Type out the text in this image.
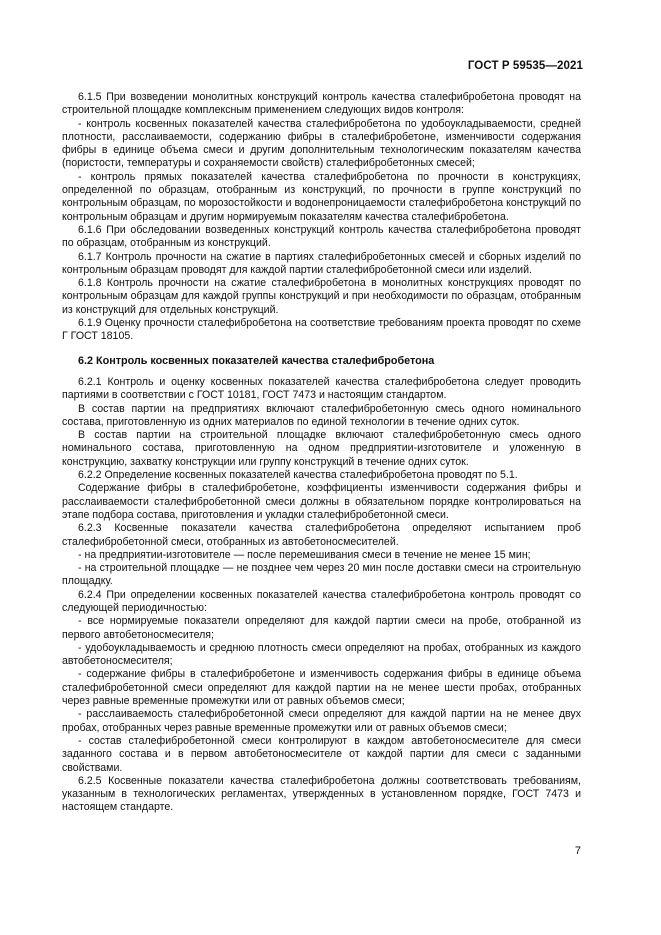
ГОСТ Р 59535—2021

6.1.5 При возведении монолитных конструкций контроль качества сталефибробетона проводят на строительной площадке комплексным применением следующих видов контроля:

- контроль косвенных показателей качества сталефибробетона по удобоукладываемости, средней плотности, расслаиваемости, содержанию фибры в сталефибробетоне, изменчивости содержания фибры в единице объема смеси и другим дополнительным технологическим показателям качества (пористости, температуры и сохраняемости свойств) сталефибробетонных смесей;

- контроль прямых показателей качества сталефибробетона по прочности в конструкциях, определенной по образцам, отобранным из конструкций, по прочности в группе конструкций по контрольным образцам, по морозостойкости и водонепроницаемости сталефибробетона конструкций по контрольным образцам и другим нормируемым показателям качества сталефибробетона.

6.1.6 При обследовании возведенных конструкций контроль качества сталефибробетона проводят по образцам, отобранным из конструкций.

6.1.7 Контроль прочности на сжатие в партиях сталефибробетонных смесей и сборных изделий по контрольным образцам проводят для каждой партии сталефибробетонной смеси или изделий.

6.1.8 Контроль прочности на сжатие сталефибробетона в монолитных конструкциях проводят по контрольным образцам для каждой группы конструкций и при необходимости по образцам, отобранным из конструкций для отдельных конструкций.

6.1.9 Оценку прочности сталефибробетона на соответствие требованиям проекта проводят по схеме Г ГОСТ 18105.

6.2 Контроль косвенных показателей качества сталефибробетона

6.2.1 Контроль и оценку косвенных показателей качества сталефибробетона следует проводить партиями в соответствии с ГОСТ 10181, ГОСТ 7473 и настоящим стандартом.

В состав партии на предприятиях включают сталефибробетонную смесь одного номинального состава, приготовленную из одних материалов по единой технологии в течение одних суток.

В состав партии на строительной площадке включают сталефибробетонную смесь одного номинального состава, приготовленную на одном предприятии-изготовителе и уложенную в конструкцию, захватку конструкции или группу конструкций в течение одних суток.

6.2.2 Определение косвенных показателей качества сталефибробетона проводят по 5.1.

Содержание фибры в сталефибробетоне, коэффициенты изменчивости содержания фибры и расслаиваемости сталефибробетонной смеси должны в обязательном порядке контролироваться на этапе подбора состава, приготовления и укладки сталефибробетонной смеси.

6.2.3 Косвенные показатели качества сталефибробетона определяют испытанием проб сталефибробетонной смеси, отобранных из автобетоносмесителей.

- на предприятии-изготовителе — после перемешивания смеси в течение не менее 15 мин;

- на строительной площадке — не позднее чем через 20 мин после доставки смеси на строительную площадку.

6.2.4 При определении косвенных показателей качества сталефибробетона контроль проводят со следующей периодичностью:

- все нормируемые показатели определяют для каждой партии смеси на пробе, отобранной из первого автобетоносмесителя;

- удобоукладываемость и среднюю плотность смеси определяют на пробах, отобранных из каждого автобетоносмесителя;

- содержание фибры в сталефибробетоне и изменчивость содержания фибры в единице объема сталефибробетонной смеси определяют для каждой партии на не менее шести пробах, отобранных через равные временные промежутки или от равных объемов смеси;

- расслаиваемость сталефибробетонной смеси определяют для каждой партии на не менее двух пробах, отобранных через равные временные промежутки или от равных объемов смеси;

- состав сталефибробетонной смеси контролируют в каждом автобетоносмесителе для смеси заданного состава и в первом автобетоносмесителе от каждой партии для смеси с заданными свойствами.

6.2.5 Косвенные показатели качества сталефибробетона должны соответствовать требованиям, указанным в технологических регламентах, утвержденных в установленном порядке, ГОСТ 7473 и настоящем стандарте.

7
